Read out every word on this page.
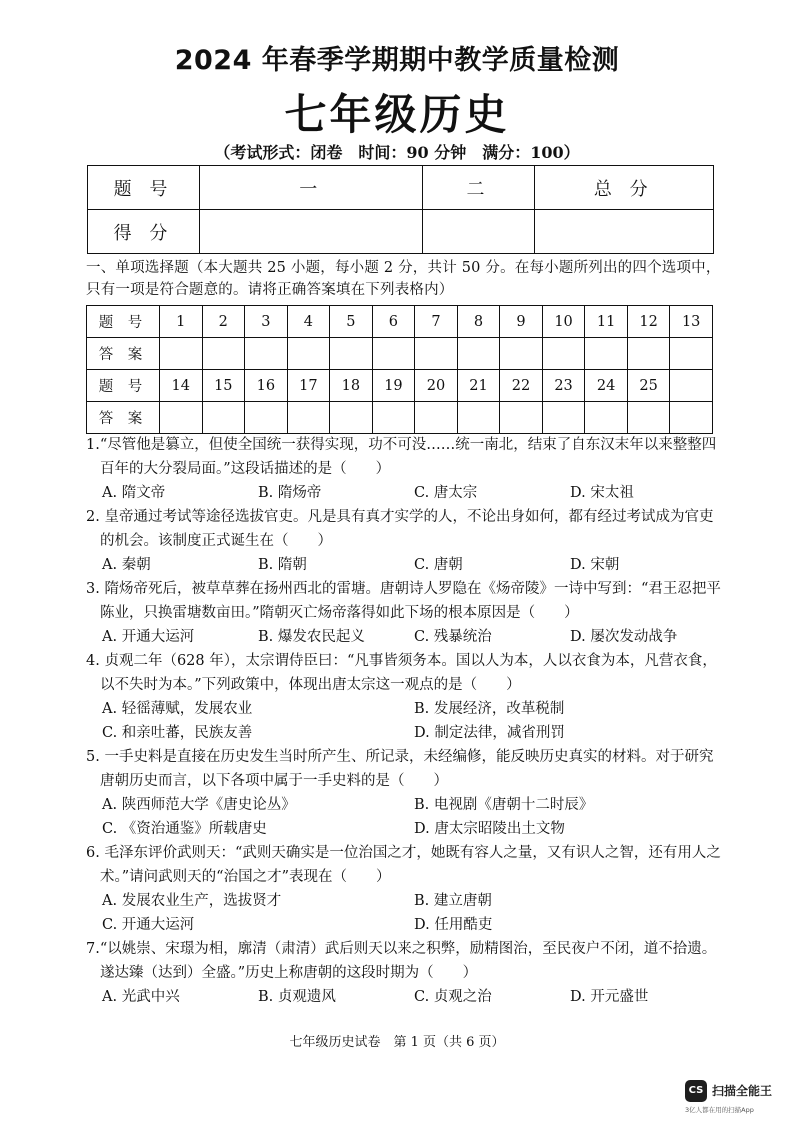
2024 年春季学期期中教学质量检测
七年级历史
（考试形式：闭卷　时间：90 分钟　满分：100）
题 号	一	二	总 分
得 分			
一、单项选择题（本大题共 25 小题，每小题 2 分，共计 50 分。在每小题所列出的四个选项中，只有一项是符合题意的。请将正确答案填在下列表格内）
题 号	1	2	3	4	5	6	7	8	9	10	11	12	13
答 案													
题 号	14	15	16	17	18	19	20	21	22	23	24	25	
答 案													
1.“尽管他是篡立，但使全国统一获得实现，功不可没……统一南北，结束了自东汉末年以来整整四百年的大分裂局面。”这段话描述的是（　　）
A. 隋文帝	B. 隋炀帝	C. 唐太宗	D. 宋太祖
2. 皇帝通过考试等途径选拔官吏。凡是具有真才实学的人，不论出身如何，都有经过考试成为官吏的机会。该制度正式诞生在（　　）
A. 秦朝	B. 隋朝	C. 唐朝	D. 宋朝
3. 隋炀帝死后，被草草葬在扬州西北的雷塘。唐朝诗人罗隐在《炀帝陵》一诗中写到：“君王忍把平陈业，只换雷塘数亩田。”隋朝灭亡炀帝落得如此下场的根本原因是（　　）
A. 开通大运河	B. 爆发农民起义	C. 残暴统治	D. 屡次发动战争
4. 贞观二年（628 年），太宗谓侍臣曰：“凡事皆须务本。国以人为本，人以衣食为本，凡营衣食，以不失时为本。”下列政策中，体现出唐太宗这一观点的是（　　）
A. 轻徭薄赋，发展农业	B. 发展经济，改革税制
C. 和亲吐蕃，民族友善	D. 制定法律，减省刑罚
5. 一手史料是直接在历史发生当时所产生、所记录，未经编修，能反映历史真实的材料。对于研究唐朝历史而言，以下各项中属于一手史料的是（　　）
A. 陕西师范大学《唐史论丛》	B. 电视剧《唐朝十二时辰》
C. 《资治通鉴》所载唐史	D. 唐太宗昭陵出土文物
6. 毛泽东评价武则天：“武则天确实是一位治国之才，她既有容人之量，又有识人之智，还有用人之术。”请问武则天的“治国之才”表现在（　　）
A. 发展农业生产，选拔贤才	B. 建立唐朝
C. 开通大运河	D. 任用酷吏
7.“以姚崇、宋璟为相，廓清（肃清）武后则天以来之积弊，励精图治，至民夜户不闭，道不拾遗。遂达臻（达到）全盛。”历史上称唐朝的这段时期为（　　）
A. 光武中兴	B. 贞观遗风	C. 贞观之治	D. 开元盛世
七年级历史试卷　第 1 页（共 6 页）
CS 扫描全能王
3亿人都在用的扫描App
